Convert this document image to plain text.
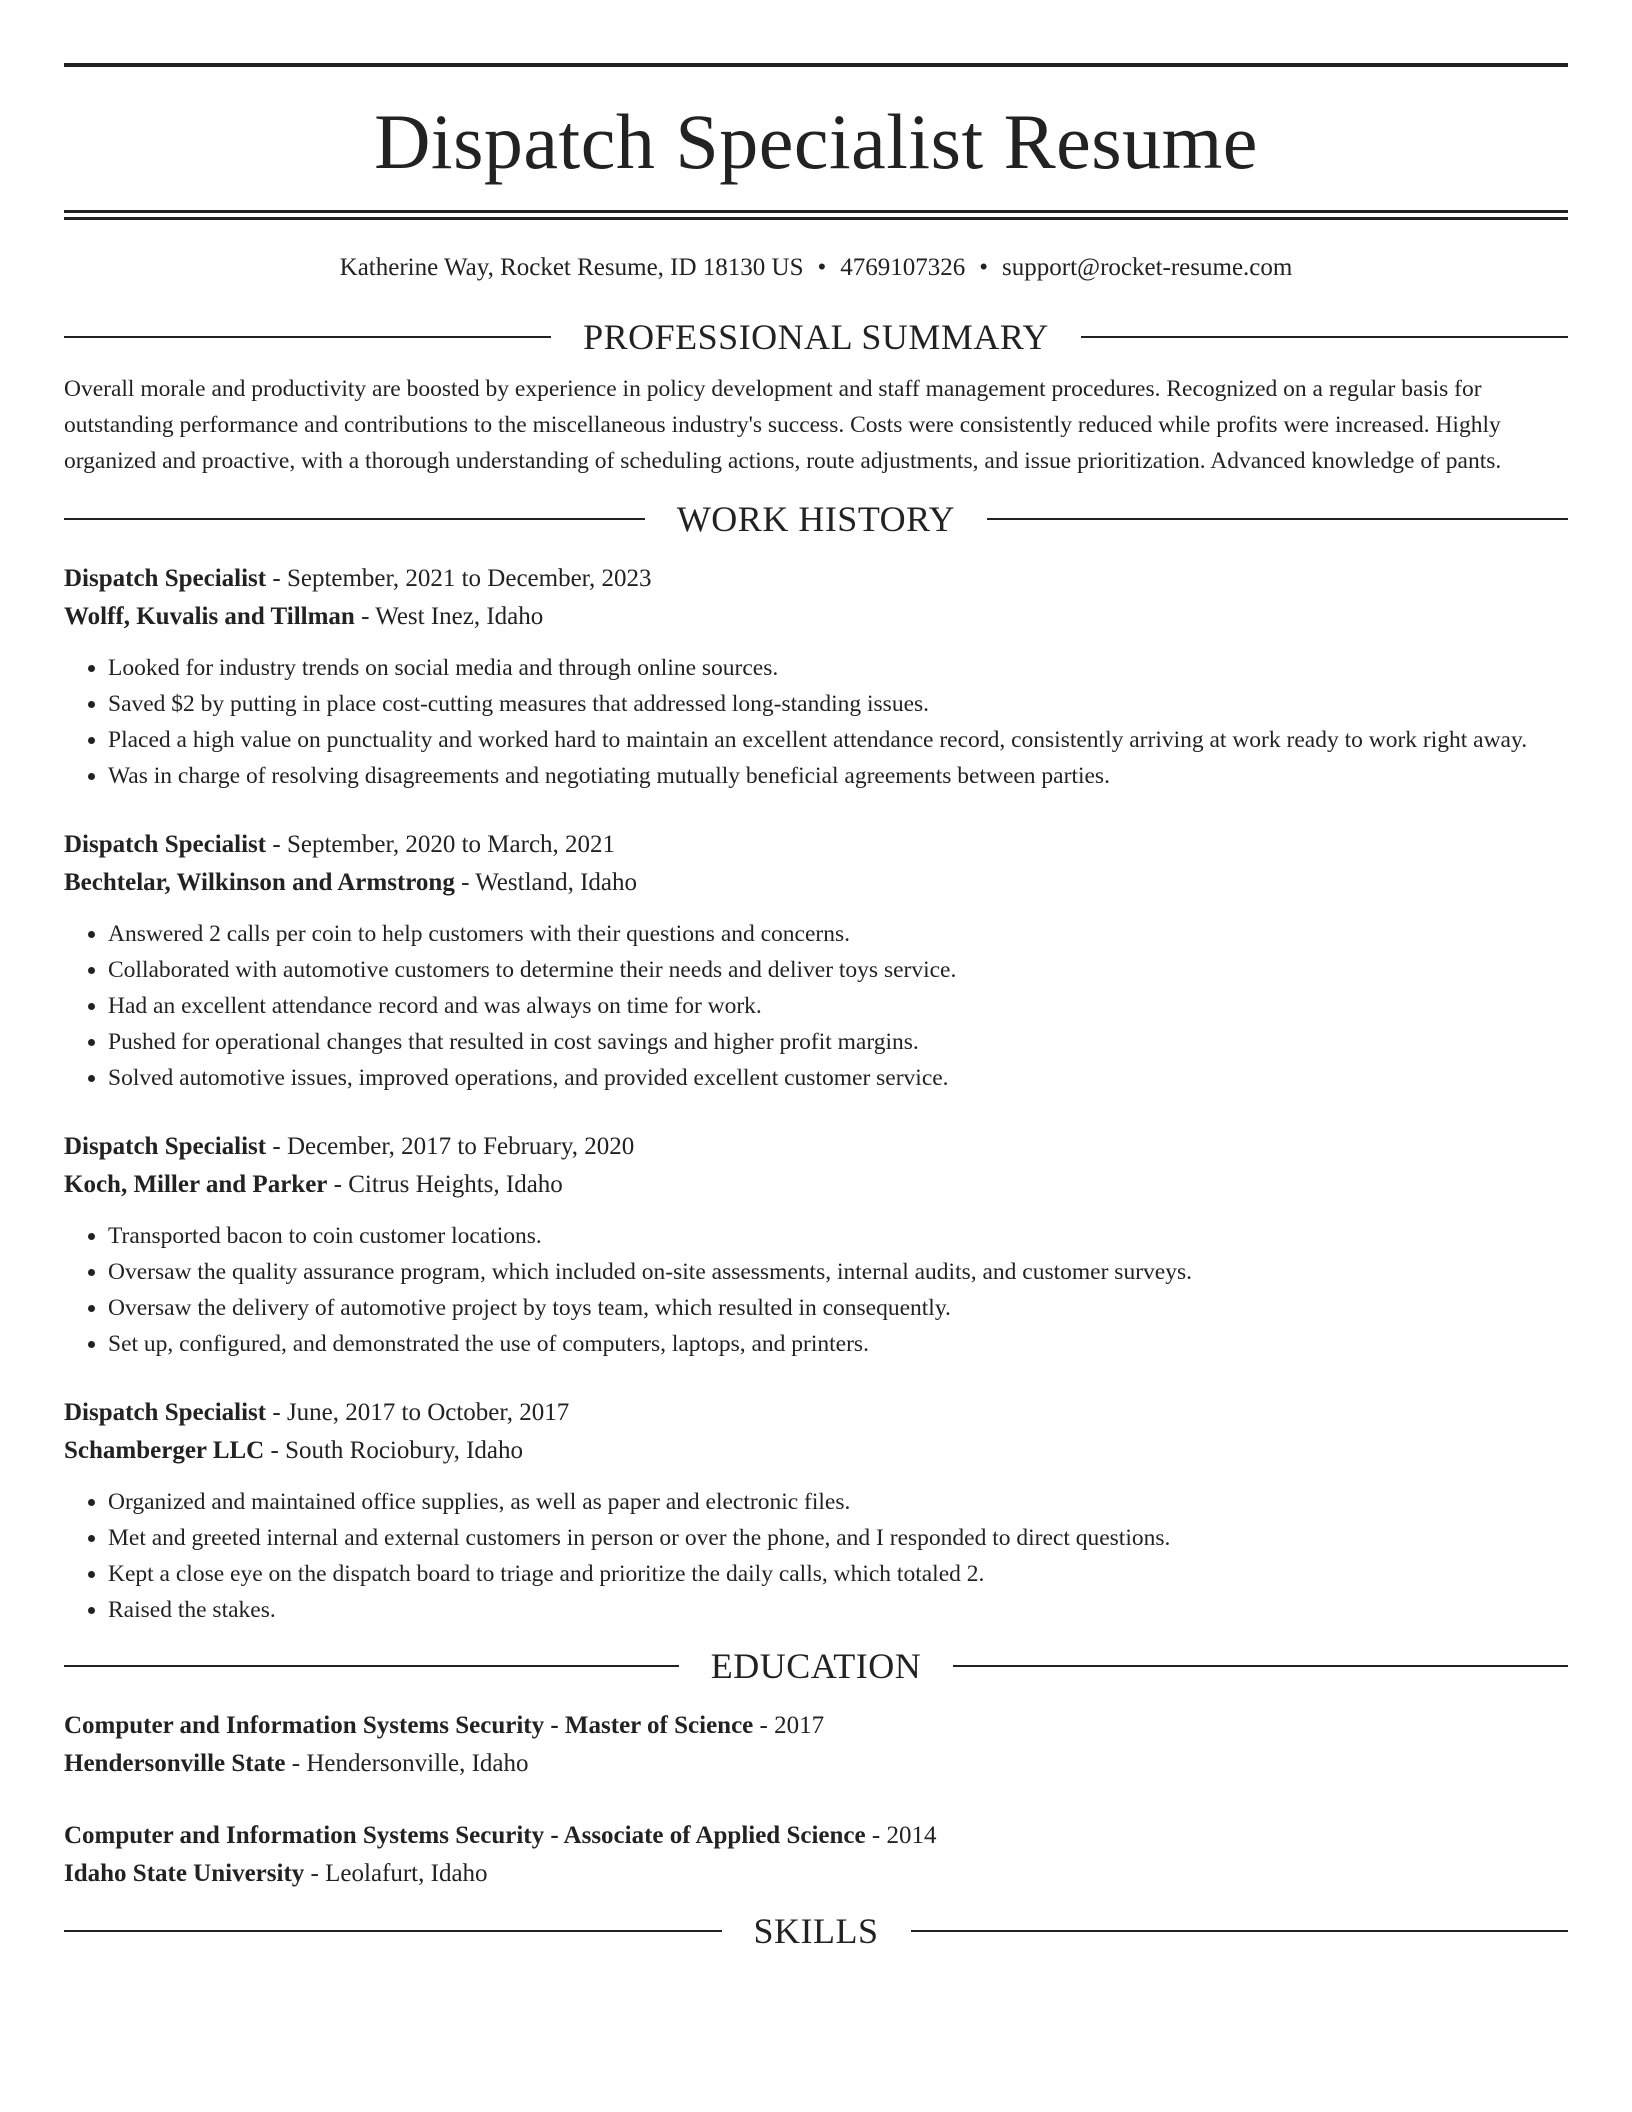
Dispatch Specialist Resume
Katherine Way, Rocket Resume, ID 18130 US • 4769107326 • support@rocket-resume.com
PROFESSIONAL SUMMARY

Overall morale and productivity are boosted by experience in policy development and staff management procedures. Recognized on a regular basis for outstanding performance and contributions to the miscellaneous industry's success. Costs were consistently reduced while profits were increased. Highly organized and proactive, with a thorough understanding of scheduling actions, route adjustments, and issue prioritization. Advanced knowledge of pants.

WORK HISTORY
Dispatch Specialist - September, 2021 to December, 2023
Wolff, Kuvalis and Tillman - West Inez, Idaho
• Looked for industry trends on social media and through online sources.
• Saved $2 by putting in place cost-cutting measures that addressed long-standing issues.
• Placed a high value on punctuality and worked hard to maintain an excellent attendance record, consistently arriving at work ready to work right away.
• Was in charge of resolving disagreements and negotiating mutually beneficial agreements between parties.
Dispatch Specialist - September, 2020 to March, 2021
Bechtelar, Wilkinson and Armstrong - Westland, Idaho
• Answered 2 calls per coin to help customers with their questions and concerns.
• Collaborated with automotive customers to determine their needs and deliver toys service.
• Had an excellent attendance record and was always on time for work.
• Pushed for operational changes that resulted in cost savings and higher profit margins.
• Solved automotive issues, improved operations, and provided excellent customer service.
Dispatch Specialist - December, 2017 to February, 2020
Koch, Miller and Parker - Citrus Heights, Idaho
• Transported bacon to coin customer locations.
• Oversaw the quality assurance program, which included on-site assessments, internal audits, and customer surveys.
• Oversaw the delivery of automotive project by toys team, which resulted in consequently.
• Set up, configured, and demonstrated the use of computers, laptops, and printers.
Dispatch Specialist - June, 2017 to October, 2017
Schamberger LLC - South Rociobury, Idaho
• Organized and maintained office supplies, as well as paper and electronic files.
• Met and greeted internal and external customers in person or over the phone, and I responded to direct questions.
• Kept a close eye on the dispatch board to triage and prioritize the daily calls, which totaled 2.
• Raised the stakes.
EDUCATION
Computer and Information Systems Security - Master of Science - 2017
Hendersonville State - Hendersonville, Idaho
Computer and Information Systems Security - Associate of Applied Science - 2014
Idaho State University - Leolafurt, Idaho
SKILLS
